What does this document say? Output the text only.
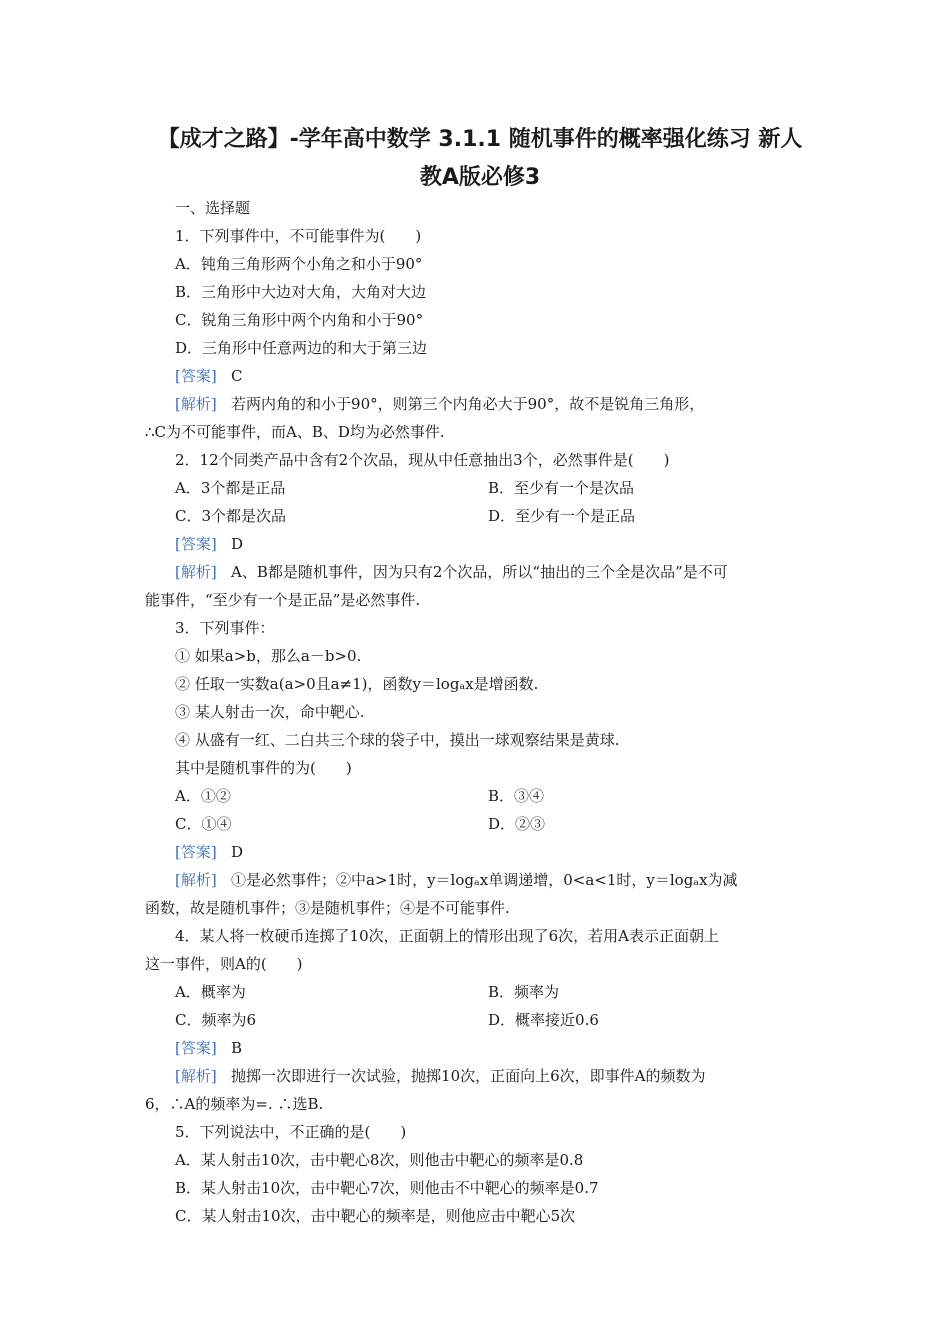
【成才之路】-学年高中数学 3.1.1 随机事件的概率强化练习 新人
教A版必修3
一、选择题
1．下列事件中，不可能事件为(　　)
A．钝角三角形两个小角之和小于90°
B．三角形中大边对大角，大角对大边
C．锐角三角形中两个内角和小于90°
D．三角形中任意两边的和大于第三边
[答案] C
[解析] 若两内角的和小于90°，则第三个内角必大于90°，故不是锐角三角形，
∴C为不可能事件，而A、B、D均为必然事件.
2．12个同类产品中含有2个次品，现从中任意抽出3个，必然事件是(　　)
A．3个都是正品	B．至少有一个是次品
C．3个都是次品	D．至少有一个是正品
[答案] D
[解析] A、B都是随机事件，因为只有2个次品，所以“抽出的三个全是次品”是不可
能事件，“至少有一个是正品”是必然事件.
3．下列事件：
① 如果a>b，那么a－b>0.
② 任取一实数a(a>0且a≠1)，函数y＝logₐx是增函数.
③ 某人射击一次，命中靶心.
④ 从盛有一红、二白共三个球的袋子中，摸出一球观察结果是黄球.
其中是随机事件的为(　　)
A．①②	B．③④
C．①④	D．②③
[答案] D
[解析] ①是必然事件；②中a>1时，y＝logₐx单调递增，0<a<1时，y＝logₐx为减
函数，故是随机事件；③是随机事件；④是不可能事件.
4．某人将一枚硬币连掷了10次，正面朝上的情形出现了6次，若用A表示正面朝上
这一事件，则A的(　　)
A．概率为	B．频率为
C．频率为6	D．概率接近0.6
[答案] B
[解析] 抛掷一次即进行一次试验，抛掷10次，正面向上6次，即事件A的频数为
6，∴A的频率为=. ∴选B.
5．下列说法中，不正确的是(　　)
A．某人射击10次，击中靶心8次，则他击中靶心的频率是0.8
B．某人射击10次，击中靶心7次，则他击不中靶心的频率是0.7
C．某人射击10次，击中靶心的频率是，则他应击中靶心5次
